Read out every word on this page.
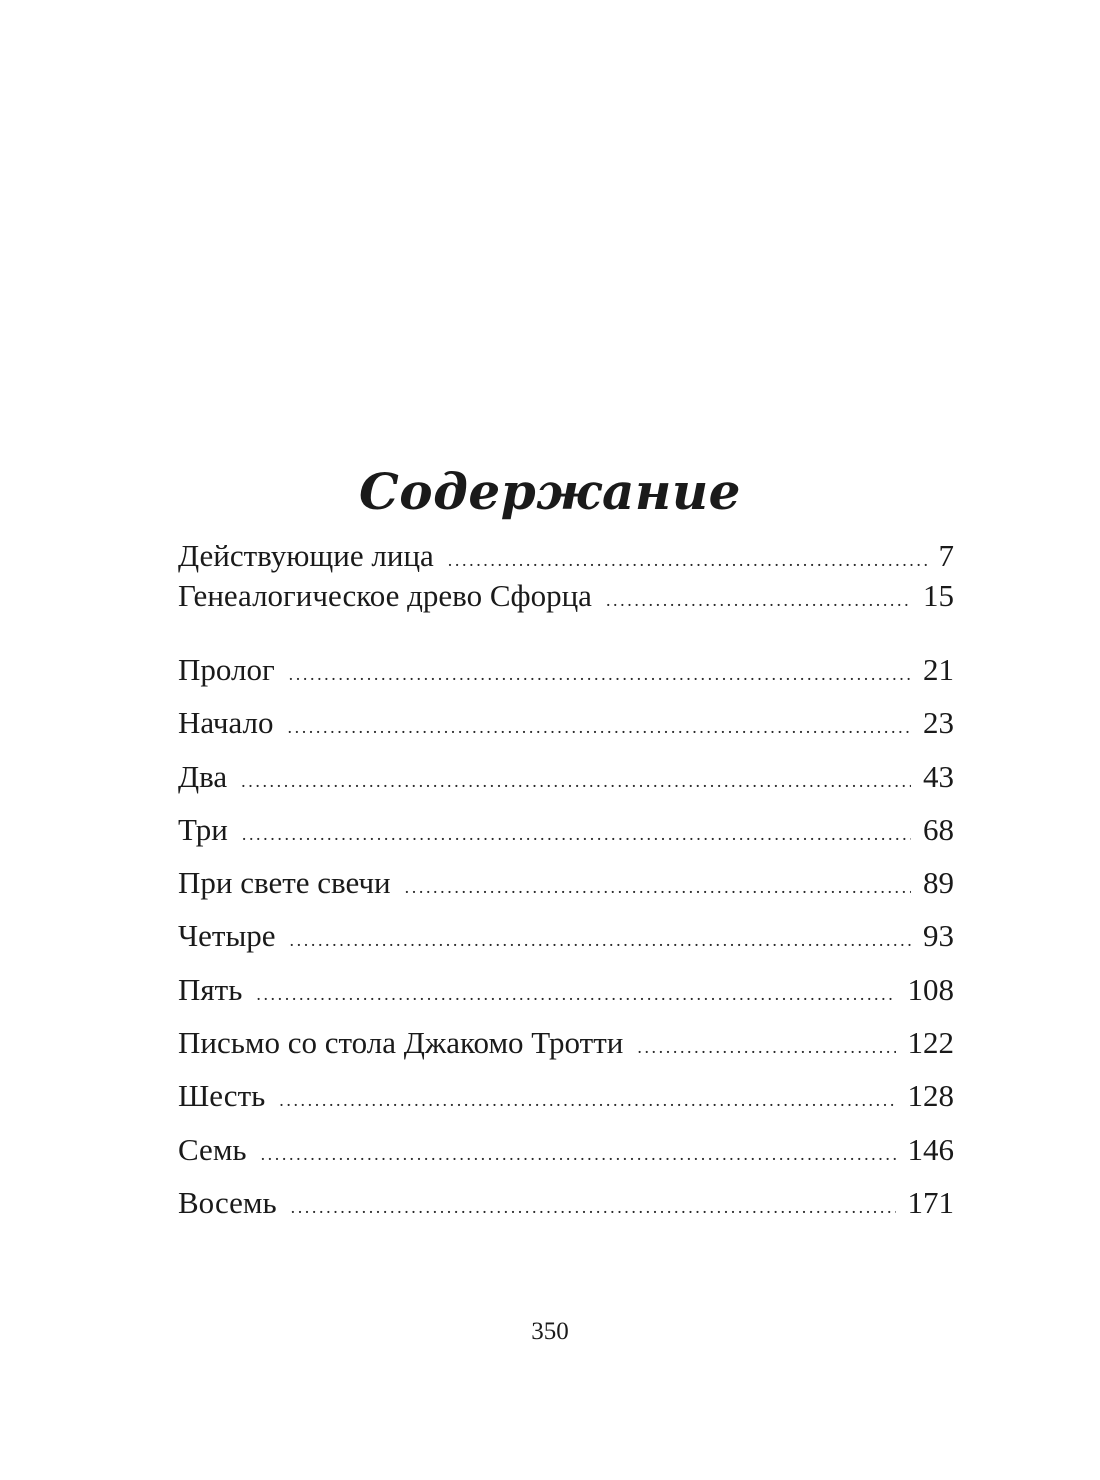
Содержание
Действующие лица .....	7
Генеалогическое древо Сфорца .....	15
Пролог .....	21
Начало .....	23
Два .....	43
Три .....	68
При свете свечи .....	89
Четыре .....	93
Пять .....	108
Письмо со стола Джакомо Тротти .....	122
Шесть .....	128
Семь .....	146
Восемь .....	171
350
